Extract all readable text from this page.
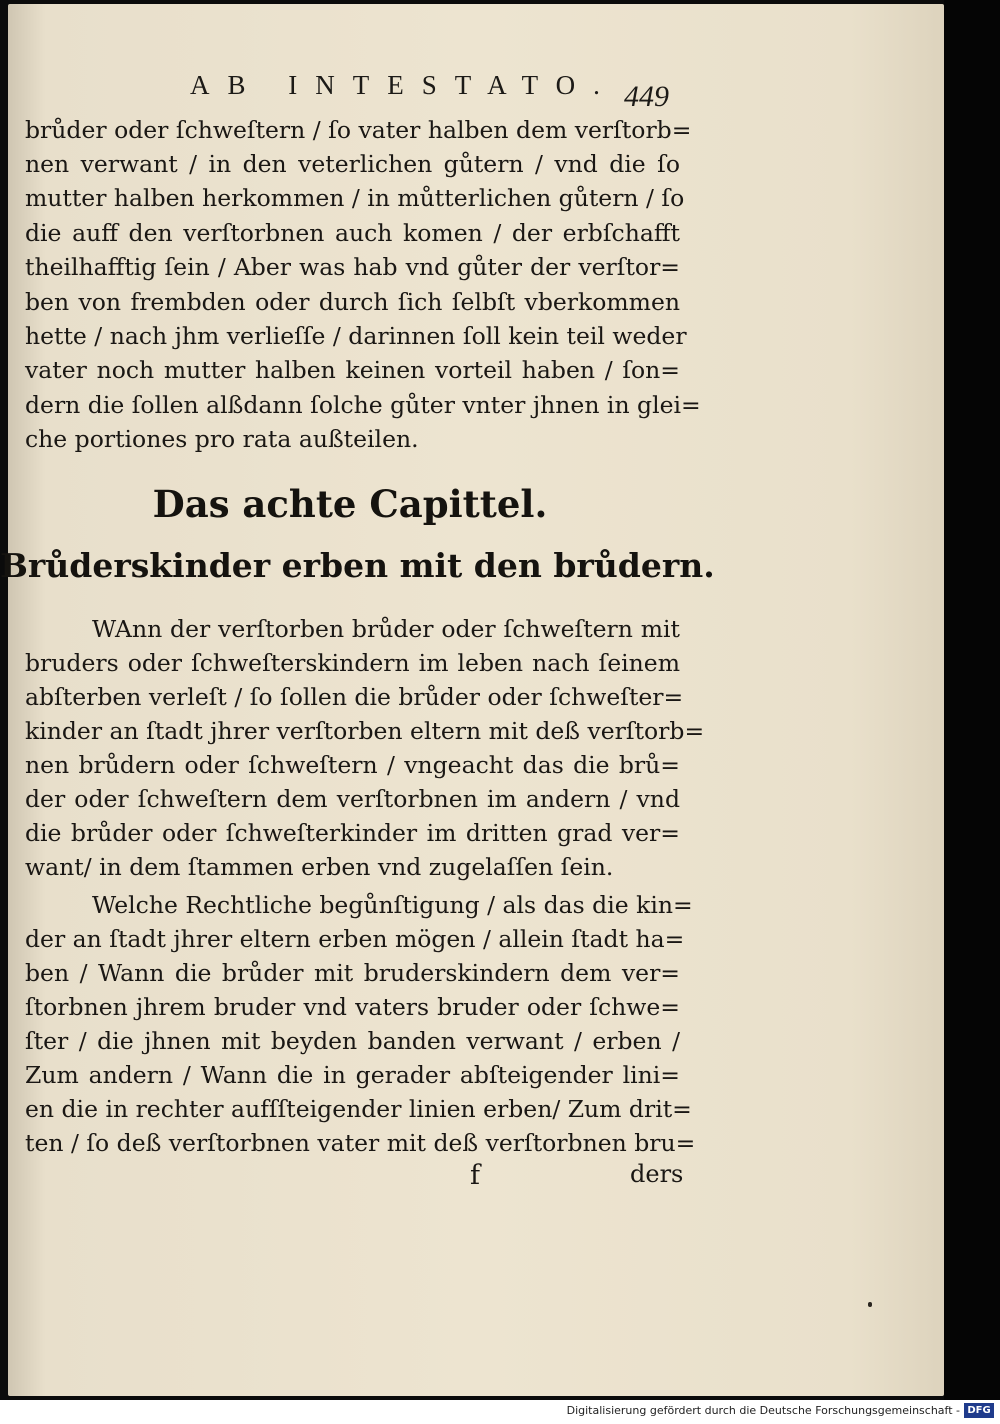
AB INTESTATO. 449
brůder oder ſchweſtern / ſo vater halben dem verſtorb=
nen verwant / in den veterlichen gůtern / vnd die ſo
mutter halben herkommen / in můtterlichen gůtern / ſo
die auff den verſtorbnen auch komen / der erbſchafft
theilhafftig ſein / Aber was hab vnd gůter der verſtor=
ben von frembden oder durch ſich ſelbſt vberkommen
hette / nach jhm verlieſſe / darinnen ſoll kein teil weder
vater noch mutter halben keinen vorteil haben / ſon=
dern die ſollen alßdann ſolche gůter vnter jhnen in glei=
che portiones pro rata außteilen.
Das achte Capittel.
Brůderskinder erben mit den brůdern.
WAnn der verſtorben brůder oder ſchweſtern mit
bruders oder ſchweſterskindern im leben nach ſeinem
abſterben verleſt / ſo ſollen die brůder oder ſchweſter=
kinder an ſtadt jhrer verſtorben eltern mit deß verſtorb=
nen brůdern oder ſchweſtern / vngeacht das die brů=
der oder ſchweſtern dem verſtorbnen im andern / vnd
die brůder oder ſchweſterkinder im dritten grad ver=
want/ in dem ſtammen erben vnd zugelaſſen ſein.
Welche Rechtliche begůnſtigung / als das die kin=
der an ſtadt jhrer eltern erben mögen / allein ſtadt ha=
ben / Wann die brůder mit bruderskindern dem ver=
ſtorbnen jhrem bruder vnd vaters bruder oder ſchwe=
ſter / die jhnen mit beyden banden verwant / erben /
Zum andern / Wann die in gerader abſteigender lini=
en die in rechter aufſſteigender linien erben/ Zum drit=
ten / ſo deß verſtorbnen vater mit deß verſtorbnen bru=
f	ders
Digitalisierung gefördert durch die Deutsche Forschungsgemeinschaft - DFG
